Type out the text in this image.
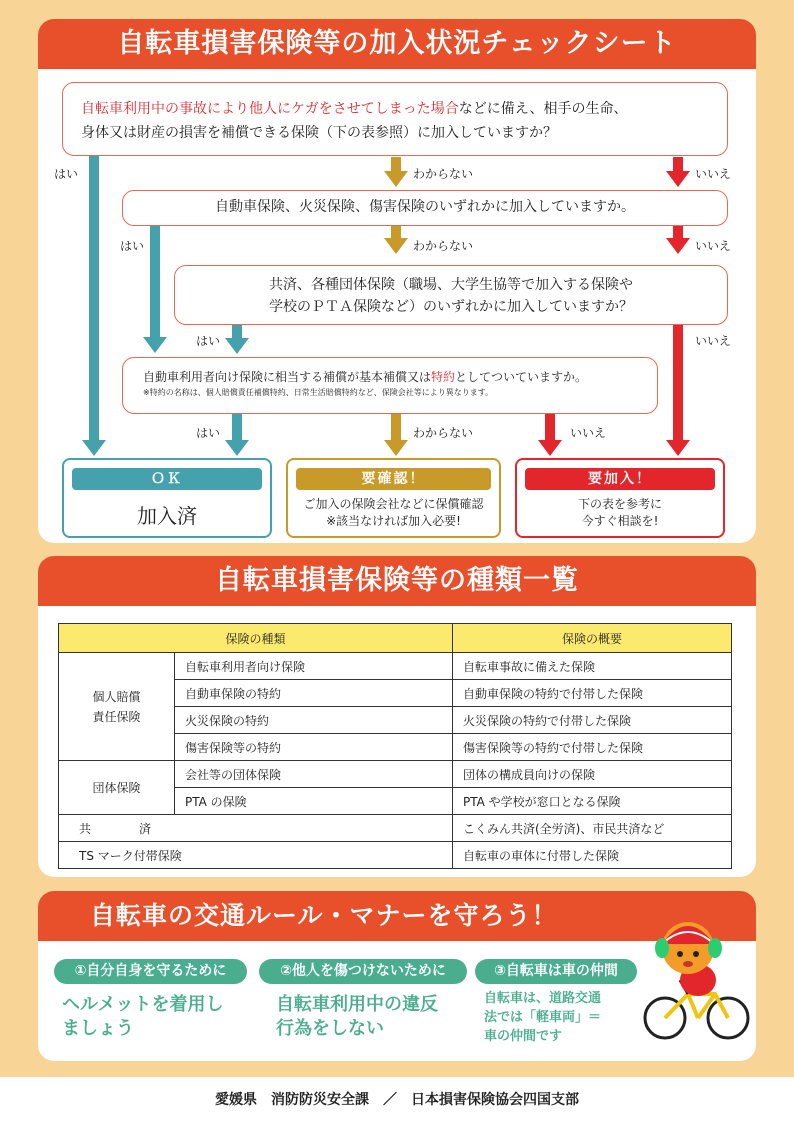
自転車損害保険等の加入状況チェックシート
自転車利用中の事故により他人にケガをさせてしまった場合などに備え、相手の生命、
身体又は財産の損害を補償できる保険（下の表参照）に加入していますか？
はい	わからない	いいえ
自動車保険、火災保険、傷害保険のいずれかに加入していますか。
はい	わからない	いいえ
共済、各種団体保険（職場、大学生協等で加入する保険や
学校のＰＴＡ保険など）のいずれかに加入していますか？
はい	いいえ
自動車利用者向け保険に相当する補償が基本補償又は特約としてついていますか。
※特約の名称は、個人賠償責任補償特約、日常生活賠償特約など、保険会社等により異なります。
はい	わからない	いいえ
ＯＫ
加入済
要確認！
ご加入の保険会社などに保償確認
※該当なければ加入必要!
要加入！
下の表を参考に
今すぐ相談を!
自転車損害保険等の種類一覧
保険の種類		保険の概要

個人賠償
責任保険	自転車利用者向け保険	自転車事故に備えた保険
	自動車保険の特約	自動車保険の特約で付帯した保険
	火災保険の特約	火災保険の特約で付帯した保険
	傷害保険等の特約	傷害保険等の特約で付帯した保険
団体保険	会社等の団体保険	団体の構成員向けの保険
	PTA の保険	PTA や学校が窓口となる保険
共　　　　済		こくみん共済(全労済)、市民共済など
TS マーク付帯保険		自転車の車体に付帯した保険
自転車の交通ルール・マナーを守ろう！
①自分自身を守るために	②他人を傷つけないために	③自転車は車の仲間
ヘルメットを着用し
ましょう
自転車利用中の違反
行為をしない
自転車は、道路交通
法では「軽車両」＝
車の仲間です
愛媛県　消防防災安全課　／　日本損害保険協会四国支部
